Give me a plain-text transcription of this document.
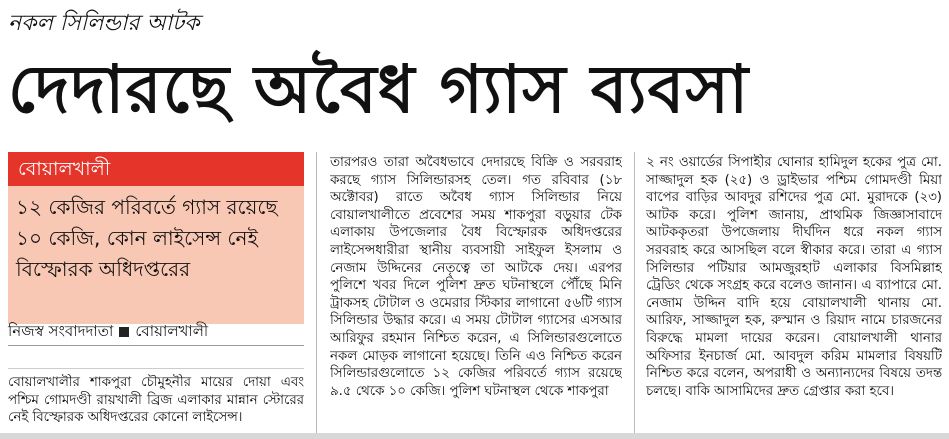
নকল সিলিন্ডার আটক
দেদারছে অবৈধ গ্যাস ব্যবসা
বোয়ালখালী
১২ কেজির পরিবর্তে গ্যাস রয়েছে ১০ কেজি, কোন লাইসেন্স নেই বিস্ফোরক অধিদপ্তরের
নিজস্ব সংবাদদাতা বোয়ালখালী
বোয়ালখালীর শাকপুরা চৌমুহনীর মায়ের দোয়া এবং পশ্চিম গোমদণ্ডী রায়খালী ব্রিজ এলাকার মান্নান স্টোরের নেই বিস্ফোরক অধিদপ্তরের কোনো লাইসেন্স।
তারপরও তারা অবৈধভাবে দেদারছে বিক্রি ও সরবরাহ করছে গ্যাস সিলিন্ডারসহ তেল। গত রবিবার (১৮ অক্টোবর) রাতে অবৈধ গ্যাস সিলিন্ডার নিয়ে বোয়ালখালীতে প্রবেশের সময় শাকপুরা বড়ুয়ার টেক এলাকায় উপজেলার বৈধ বিস্ফোরক অধিদপ্তরের লাইসেন্সধারীরা স্থানীয় ব্যবসায়ী সাইফুল ইসলাম ও নেজাম উদ্দিনের নেতৃত্বে তা আটকে দেয়। এরপর পুলিশে খবর দিলে পুলিশ দ্রুত ঘটনাস্থলে পৌঁছে মিনি ট্রাকসহ টোটাল ও ওমেরার স্টিকার লাগানো ৫৬টি গ্যাস সিলিন্ডার উদ্ধার করে। এ সময় টোটাল গ্যাসের এসআর আরিফুর রহমান নিশ্চিত করেন, এ সিলিন্ডারগুলোতে নকল মোড়ক লাগানো হয়েছে। তিনি এও নিশ্চিত করেন সিলিন্ডারগুলোতে ১২ কেজির পরিবর্তে গ্যাস রয়েছে ৯.৫ থেকে ১০ কেজি। পুলিশ ঘটনাস্থল থেকে শাকপুরা
২ নং ওয়ার্ডের সিপাহীর ঘোনার হামিদুল হকের পুত্র মো. সাজ্জাদুল হক (২৫) ও ড্রাইভার পশ্চিম গোমদণ্ডী মিয়া বাপের বাড়ির আবদুর রশিদের পুত্র মো. মুরাদকে (২৩) আটক করে। পুলিশ জানায়, প্রাথমিক জিজ্ঞাসাবাদে আটককৃতরা উপজেলায় দীর্ঘদিন ধরে নকল গ্যাস সরবরাহ করে আসছিল বলে স্বীকার করে। তারা এ গ্যাস সিলিন্ডার পটিয়ার আমজুরহাট এলাকার বিসমিল্লাহ ট্রেডিং থেকে সংগ্রহ করে বলেও জানান। এ ব্যাপারে মো. নেজাম উদ্দিন বাদি হয়ে বোয়ালখালী থানায় মো. আরিফ, সাজ্জাদুল হক, রুস্মান ও রিয়াদ নামে চারজনের বিরুদ্ধে মামলা দায়ের করেন। বোয়ালখালী থানার অফিসার ইনচার্জ মো. আবদুল করিম মামলার বিষয়টি নিশ্চিত করে বলেন, অপরাধী ও অন্যান্যদের বিষয়ে তদন্ত চলছে। বাকি আসামিদের দ্রুত গ্রেপ্তার করা হবে।
